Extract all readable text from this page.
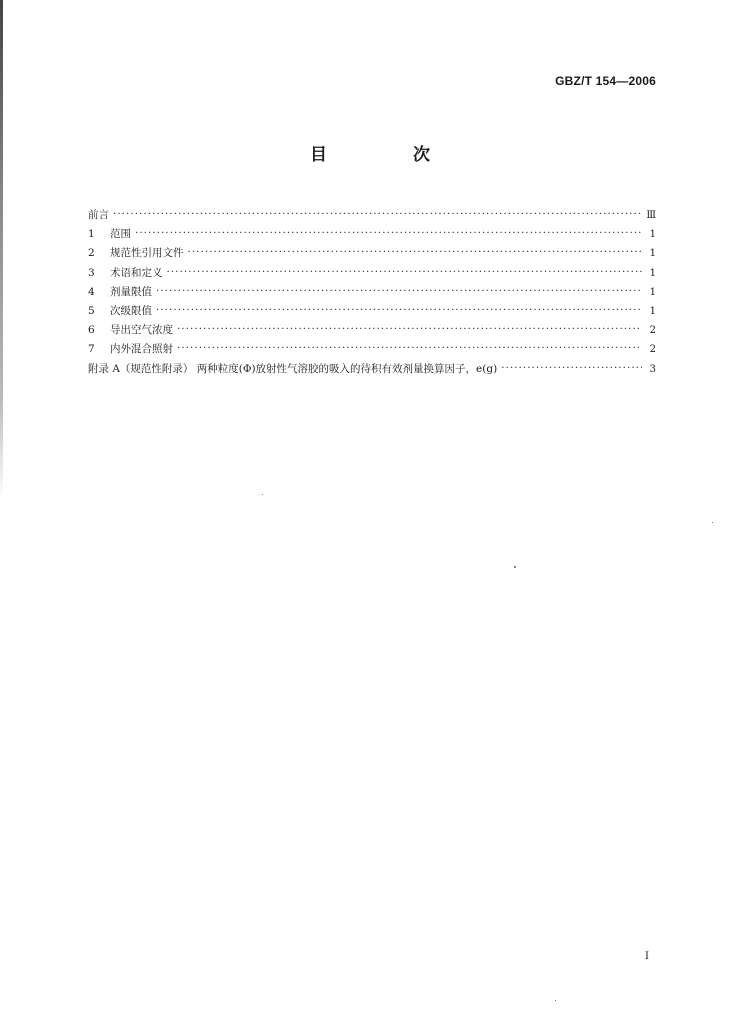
GBZ/T 154—2006
目 次
前言 ·····	Ⅲ
1	范围 ·····	1
2	规范性引用文件 ·····	1
3	术语和定义 ·····	1
4	剂量限值 ·····	1
5	次级限值 ·····	1
6	导出空气浓度 ·····	2
7	内外混合照射 ·····	2
附录 A（规范性附录） 两种粒度(Φ)放射性气溶胶的吸入的待积有效剂量换算因子，e(g) ·····	3
I
